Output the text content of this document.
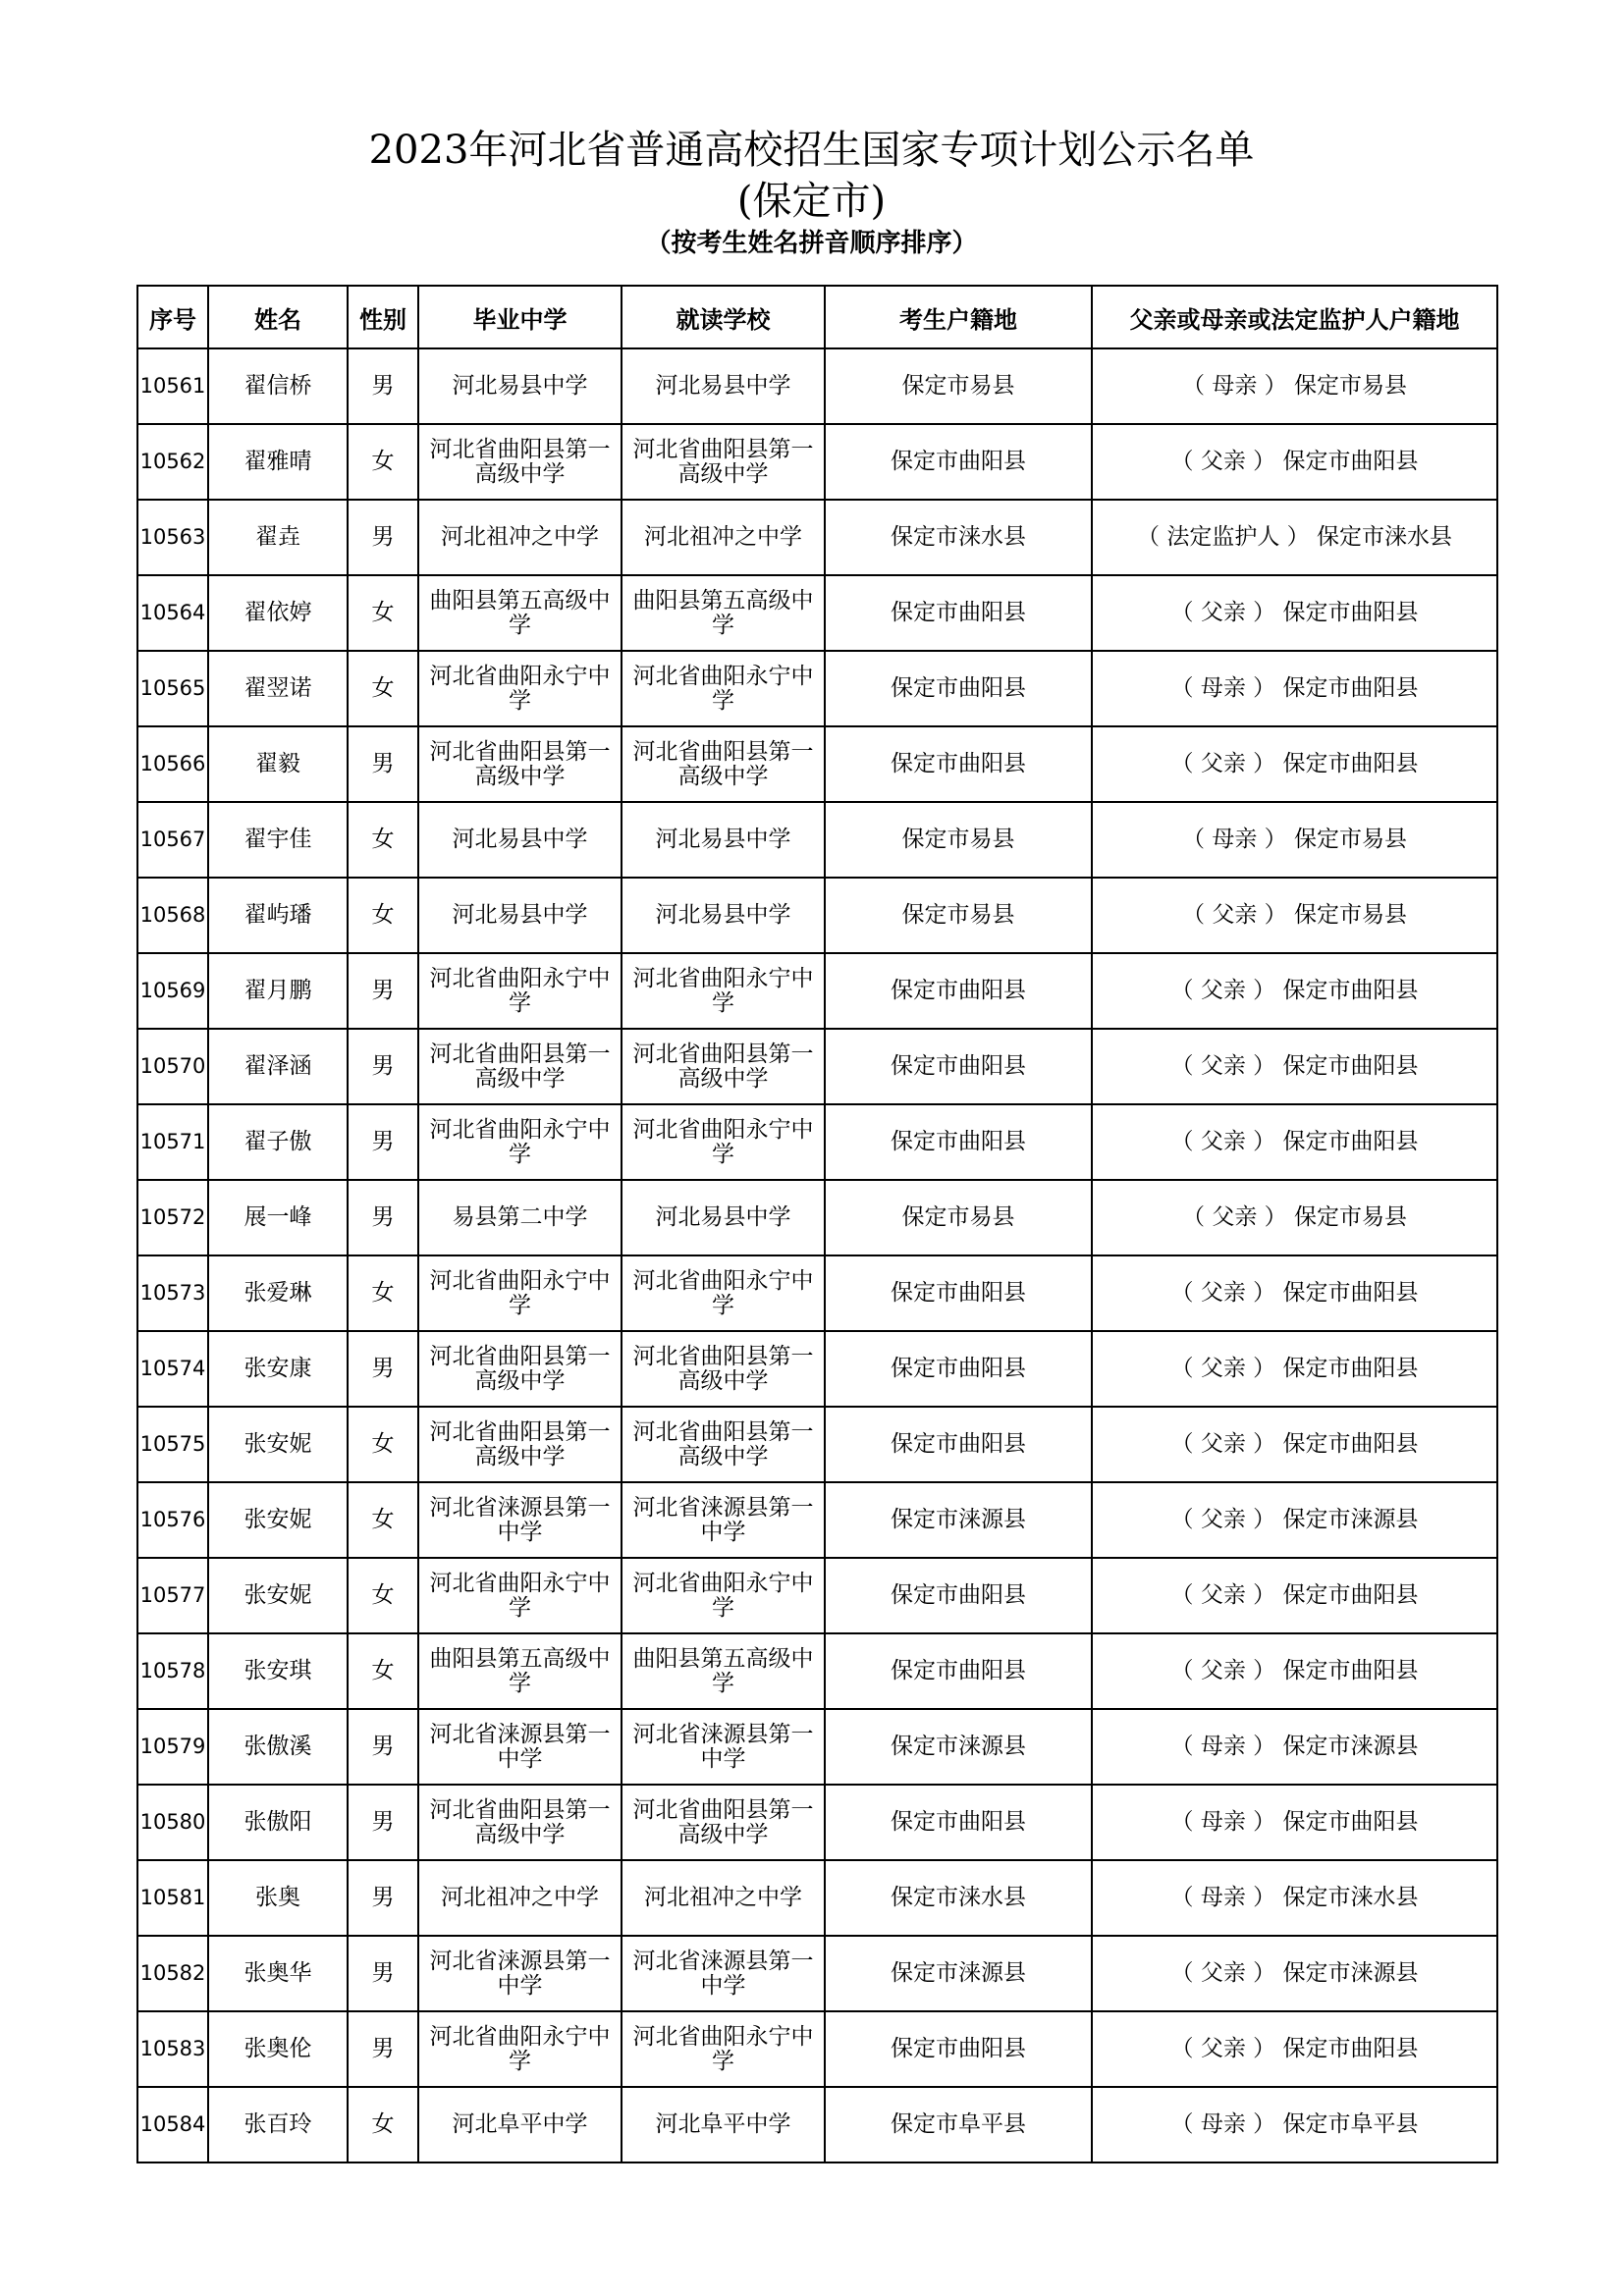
2023年河北省普通高校招生国家专项计划公示名单
(保定市)
（按考生姓名拼音顺序排序）
序号	姓名	性别	毕业中学	就读学校	考生户籍地	父亲或母亲或法定监护人户籍地
10561	翟信桥	男	河北易县中学	河北易县中学	保定市易县	（ 母亲 ） 保定市易县
10562	翟雅晴	女	河北省曲阳县第一高级中学	河北省曲阳县第一高级中学	保定市曲阳县	（ 父亲 ） 保定市曲阳县
10563	翟垚	男	河北祖冲之中学	河北祖冲之中学	保定市涞水县	（ 法定监护人 ） 保定市涞水县
10564	翟依婷	女	曲阳县第五高级中学	曲阳县第五高级中学	保定市曲阳县	（ 父亲 ） 保定市曲阳县
10565	翟翌诺	女	河北省曲阳永宁中学	河北省曲阳永宁中学	保定市曲阳县	（ 母亲 ） 保定市曲阳县
10566	翟毅	男	河北省曲阳县第一高级中学	河北省曲阳县第一高级中学	保定市曲阳县	（ 父亲 ） 保定市曲阳县
10567	翟宇佳	女	河北易县中学	河北易县中学	保定市易县	（ 母亲 ） 保定市易县
10568	翟屿璠	女	河北易县中学	河北易县中学	保定市易县	（ 父亲 ） 保定市易县
10569	翟月鹏	男	河北省曲阳永宁中学	河北省曲阳永宁中学	保定市曲阳县	（ 父亲 ） 保定市曲阳县
10570	翟泽涵	男	河北省曲阳县第一高级中学	河北省曲阳县第一高级中学	保定市曲阳县	（ 父亲 ） 保定市曲阳县
10571	翟子傲	男	河北省曲阳永宁中学	河北省曲阳永宁中学	保定市曲阳县	（ 父亲 ） 保定市曲阳县
10572	展一峰	男	易县第二中学	河北易县中学	保定市易县	（ 父亲 ） 保定市易县
10573	张爱琳	女	河北省曲阳永宁中学	河北省曲阳永宁中学	保定市曲阳县	（ 父亲 ） 保定市曲阳县
10574	张安康	男	河北省曲阳县第一高级中学	河北省曲阳县第一高级中学	保定市曲阳县	（ 父亲 ） 保定市曲阳县
10575	张安妮	女	河北省曲阳县第一高级中学	河北省曲阳县第一高级中学	保定市曲阳县	（ 父亲 ） 保定市曲阳县
10576	张安妮	女	河北省涞源县第一中学	河北省涞源县第一中学	保定市涞源县	（ 父亲 ） 保定市涞源县
10577	张安妮	女	河北省曲阳永宁中学	河北省曲阳永宁中学	保定市曲阳县	（ 父亲 ） 保定市曲阳县
10578	张安琪	女	曲阳县第五高级中学	曲阳县第五高级中学	保定市曲阳县	（ 父亲 ） 保定市曲阳县
10579	张傲溪	男	河北省涞源县第一中学	河北省涞源县第一中学	保定市涞源县	（ 母亲 ） 保定市涞源县
10580	张傲阳	男	河北省曲阳县第一高级中学	河北省曲阳县第一高级中学	保定市曲阳县	（ 母亲 ） 保定市曲阳县
10581	张奥	男	河北祖冲之中学	河北祖冲之中学	保定市涞水县	（ 母亲 ） 保定市涞水县
10582	张奥华	男	河北省涞源县第一中学	河北省涞源县第一中学	保定市涞源县	（ 父亲 ） 保定市涞源县
10583	张奥伦	男	河北省曲阳永宁中学	河北省曲阳永宁中学	保定市曲阳县	（ 父亲 ） 保定市曲阳县
10584	张百玲	女	河北阜平中学	河北阜平中学	保定市阜平县	（ 母亲 ） 保定市阜平县
